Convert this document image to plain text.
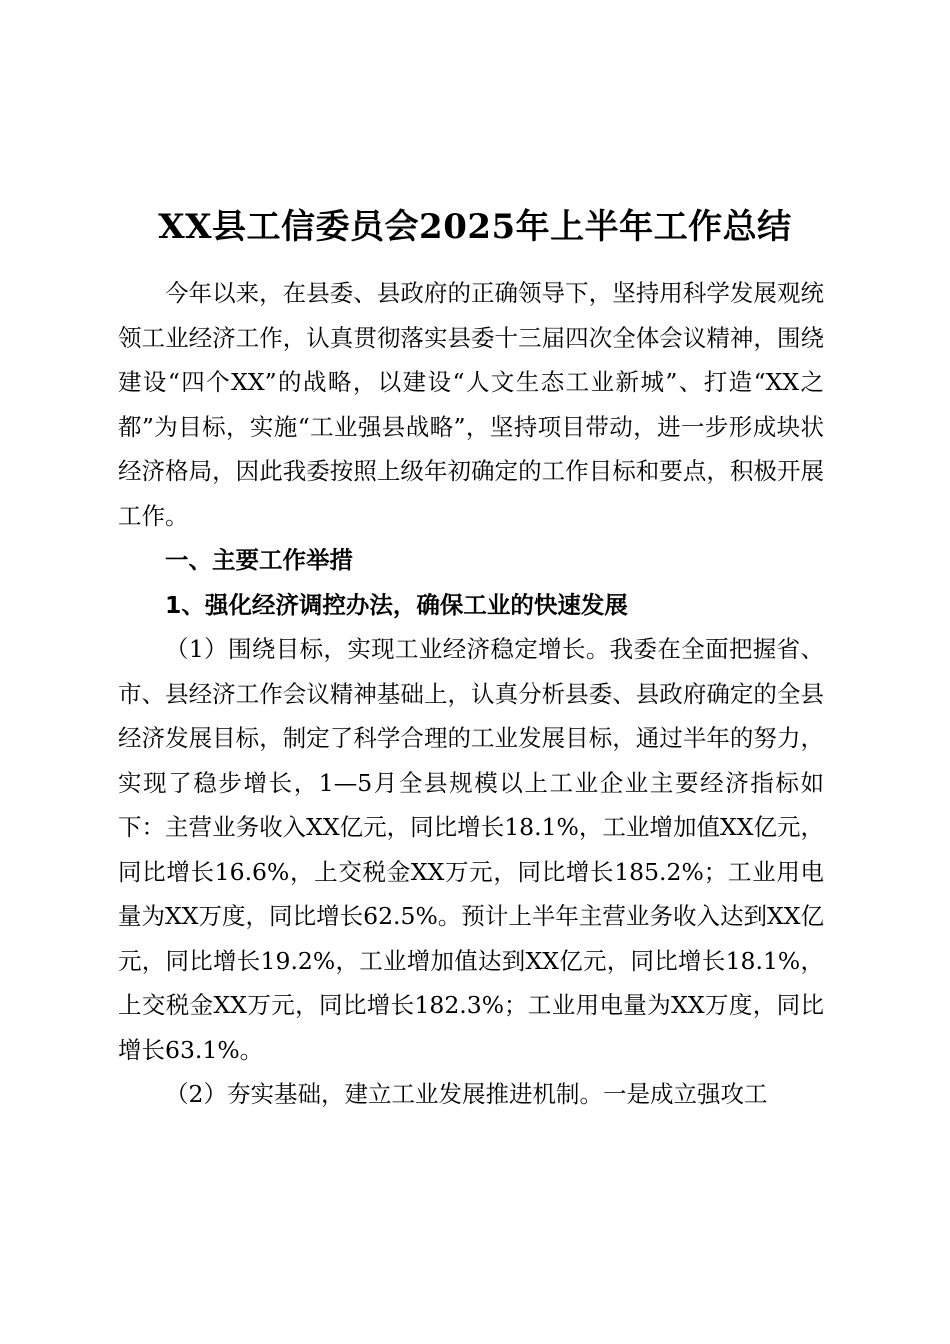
XX县工信委员会2025年上半年工作总结

今年以来，在县委、县政府的正确领导下，坚持用科学发展观统领工业经济工作，认真贯彻落实县委十三届四次全体会议精神，围绕建设“四个XX”的战略，以建设“人文生态工业新城”、打造“XX之都”为目标，实施“工业强县战略”，坚持项目带动，进一步形成块状经济格局，因此我委按照上级年初确定的工作目标和要点，积极开展工作。

一、主要工作举措

1、强化经济调控办法，确保工业的快速发展

（1）围绕目标，实现工业经济稳定增长。我委在全面把握省、市、县经济工作会议精神基础上，认真分析县委、县政府确定的全县经济发展目标，制定了科学合理的工业发展目标，通过半年的努力，实现了稳步增长，1—5月全县规模以上工业企业主要经济指标如下：主营业务收入XX亿元，同比增长18.1%，工业增加值XX亿元，同比增长16.6%，上交税金XX万元，同比增长185.2%；工业用电量为XX万度，同比增长62.5%。预计上半年主营业务收入达到XX亿元，同比增长19.2%，工业增加值达到XX亿元，同比增长18.1%，上交税金XX万元，同比增长182.3%；工业用电量为XX万度，同比增长63.1%。

（2）夯实基础，建立工业发展推进机制。一是成立强攻工
